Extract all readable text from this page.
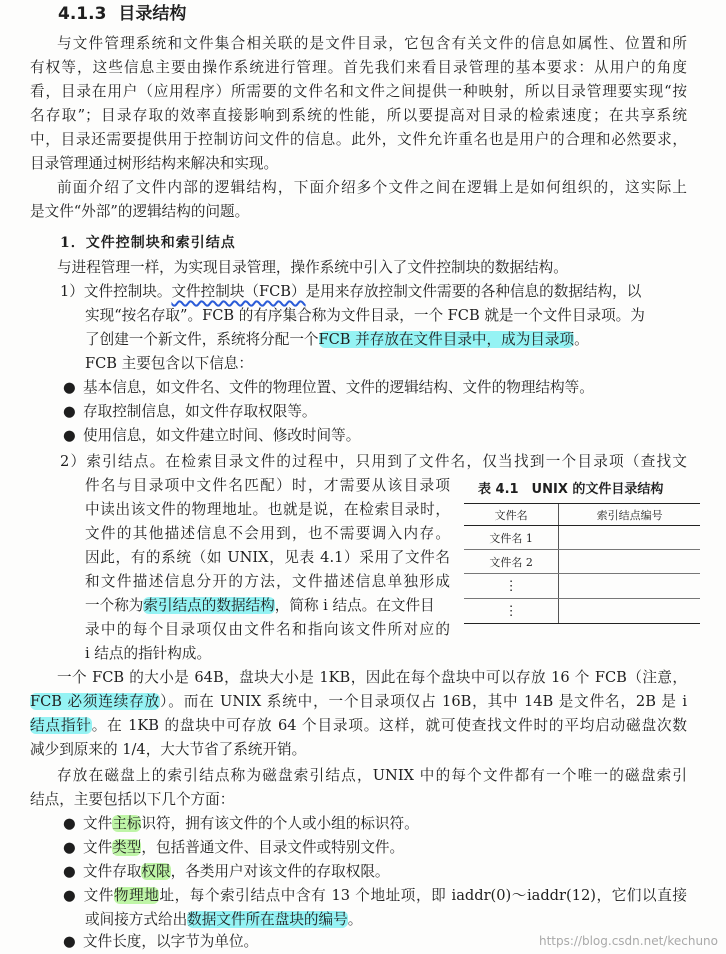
4.1.3 目录结构
与文件管理系统和文件集合相关联的是文件目录，它包含有关文件的信息如属性、位置和所
有权等，这些信息主要由操作系统进行管理。首先我们来看目录管理的基本要求：从用户的角度
看，目录在用户（应用程序）所需要的文件名和文件之间提供一种映射，所以目录管理要实现“按
名存取”；目录存取的效率直接影响到系统的性能，所以要提高对目录的检索速度；在共享系统
中，目录还需要提供用于控制访问文件的信息。此外，文件允许重名也是用户的合理和必然要求，
目录管理通过树形结构来解决和实现。
前面介绍了文件内部的逻辑结构，下面介绍多个文件之间在逻辑上是如何组织的，这实际上
是文件“外部”的逻辑结构的问题。
1．文件控制块和索引结点
与进程管理一样，为实现目录管理，操作系统中引入了文件控制块的数据结构。
1）文件控制块。文件控制块（FCB）是用来存放控制文件需要的各种信息的数据结构，以
实现“按名存取”。FCB 的有序集合称为文件目录，一个 FCB 就是一个文件目录项。为
了创建一个新文件，系统将分配一个FCB 并存放在文件目录中，成为目录项。
FCB 主要包含以下信息：
● 基本信息，如文件名、文件的物理位置、文件的逻辑结构、文件的物理结构等。
● 存取控制信息，如文件存取权限等。
● 使用信息，如文件建立时间、修改时间等。
2）索引结点。在检索目录文件的过程中，只用到了文件名，仅当找到一个目录项（查找文
件名与目录项中文件名匹配）时，才需要从该目录项
中读出该文件的物理地址。也就是说，在检索目录时，
文件的其他描述信息不会用到，也不需要调入内存。
因此，有的系统（如 UNIX，见表 4.1）采用了文件名
和文件描述信息分开的方法，文件描述信息单独形成
一个称为索引结点的数据结构，简称 i 结点。在文件目
录中的每个目录项仅由文件名和指向该文件所对应的
i 结点的指针构成。
表 4.1　UNIX 的文件目录结构
文件名	索引结点编号
文件名 1	
文件名 2	
⋮	
⋮	
一个 FCB 的大小是 64B，盘块大小是 1KB，因此在每个盘块中可以存放 16 个 FCB（注意，
FCB 必须连续存放）。而在 UNIX 系统中，一个目录项仅占 16B，其中 14B 是文件名，2B 是 i
结点指针。在 1KB 的盘块中可存放 64 个目录项。这样，就可使查找文件时的平均启动磁盘次数
减少到原来的 1/4，大大节省了系统开销。
存放在磁盘上的索引结点称为磁盘索引结点，UNIX 中的每个文件都有一个唯一的磁盘索引
结点，主要包括以下几个方面：
● 文件主标识符，拥有该文件的个人或小组的标识符。
● 文件类型，包括普通文件、目录文件或特别文件。
● 文件存取权限，各类用户对该文件的存取权限。
● 文件物理地址，每个索引结点中含有 13 个地址项，即 iaddr(0)～iaddr(12)，它们以直接
或间接方式给出数据文件所在盘块的编号。
● 文件长度，以字节为单位。	https://blog.csdn.net/kechuno
